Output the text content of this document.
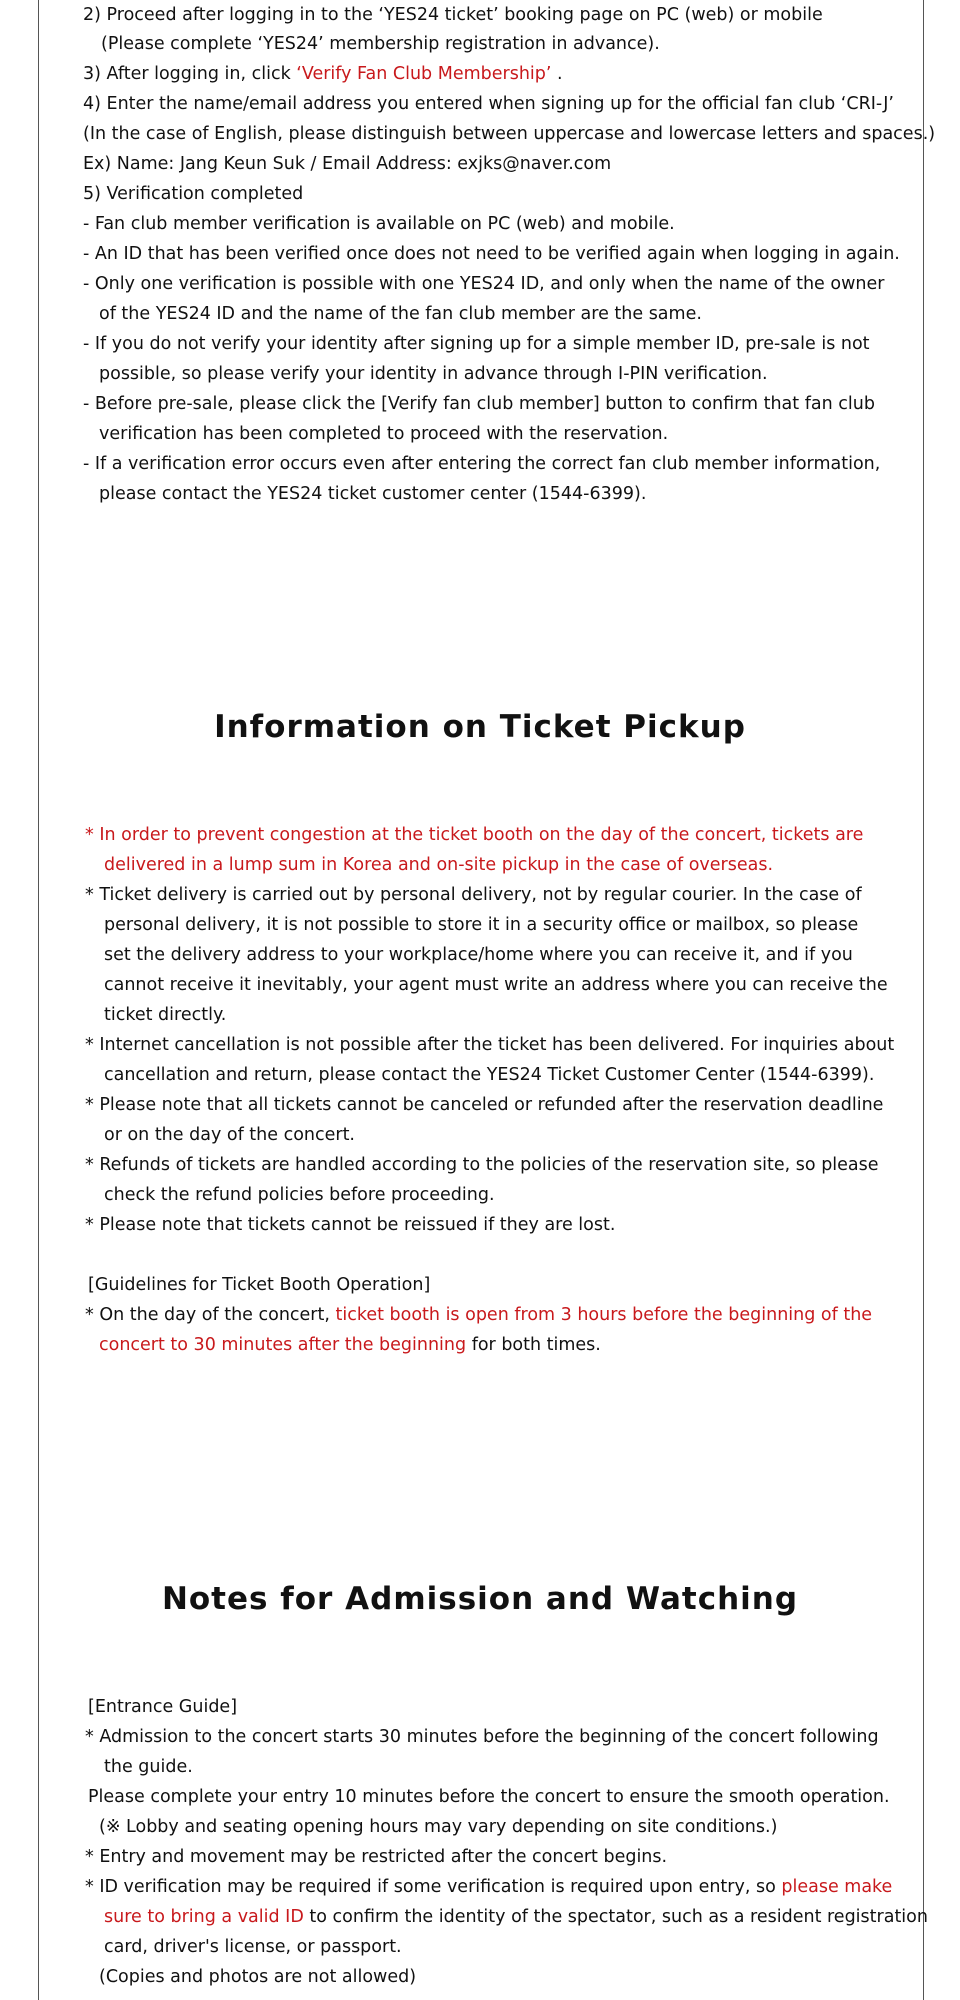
2) Proceed after logging in to the ‘YES24 ticket’ booking page on PC (web) or mobile
(Please complete ‘YES24’ membership registration in advance).
3) After logging in, click ‘Verify Fan Club Membership’ .
4) Enter the name/email address you entered when signing up for the official fan club ‘CRI-J’
(In the case of English, please distinguish between uppercase and lowercase letters and spaces.)
Ex) Name: Jang Keun Suk / Email Address: exjks@naver.com
5) Verification completed
- Fan club member verification is available on PC (web) and mobile.
- An ID that has been verified once does not need to be verified again when logging in again.
- Only one verification is possible with one YES24 ID, and only when the name of the owner
of the YES24 ID and the name of the fan club member are the same.
- If you do not verify your identity after signing up for a simple member ID, pre-sale is not
possible, so please verify your identity in advance through I-PIN verification.
- Before pre-sale, please click the [Verify fan club member] button to confirm that fan club
verification has been completed to proceed with the reservation.
- If a verification error occurs even after entering the correct fan club member information,
please contact the YES24 ticket customer center (1544-6399).
Information on Ticket Pickup
* In order to prevent congestion at the ticket booth on the day of the concert, tickets are
delivered in a lump sum in Korea and on-site pickup in the case of overseas.
* Ticket delivery is carried out by personal delivery, not by regular courier. In the case of
personal delivery, it is not possible to store it in a security office or mailbox, so please
set the delivery address to your workplace/home where you can receive it, and if you
cannot receive it inevitably, your agent must write an address where you can receive the
ticket directly.
* Internet cancellation is not possible after the ticket has been delivered. For inquiries about
cancellation and return, please contact the YES24 Ticket Customer Center (1544-6399).
* Please note that all tickets cannot be canceled or refunded after the reservation deadline
or on the day of the concert.
* Refunds of tickets are handled according to the policies of the reservation site, so please
check the refund policies before proceeding.
* Please note that tickets cannot be reissued if they are lost.
[Guidelines for Ticket Booth Operation]
* On the day of the concert, ticket booth is open from 3 hours before the beginning of the
concert to 30 minutes after the beginning for both times.
Notes for Admission and Watching
[Entrance Guide]
* Admission to the concert starts 30 minutes before the beginning of the concert following
the guide.
Please complete your entry 10 minutes before the concert to ensure the smooth operation.
(※ Lobby and seating opening hours may vary depending on site conditions.)
* Entry and movement may be restricted after the concert begins.
* ID verification may be required if some verification is required upon entry, so please make
sure to bring a valid ID to confirm the identity of the spectator, such as a resident registration
card, driver's license, or passport.
(Copies and photos are not allowed)
